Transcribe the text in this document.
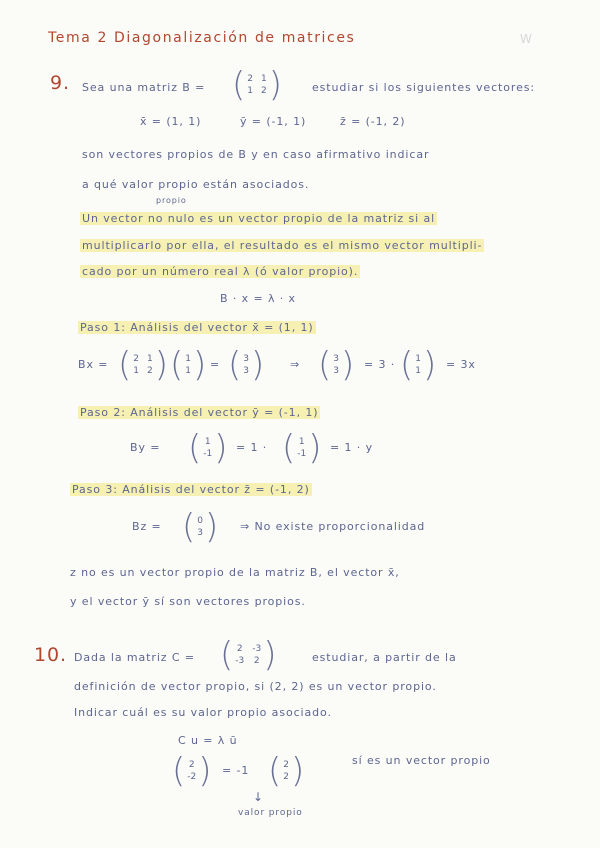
Tema 2 Diagonalización de matrices	W
9. Sea una matriz B = ( 2 1
1 2 )	estudiar si los siguientes vectores:
x̄ = (1, 1)	ȳ = (-1, 1)	z̄ = (-1, 2)
son vectores propios de B y en caso afirmativo indicar
a qué valor propio están asociados.
propio
Un vector no nulo es un vector propio de la matriz si al
multiplicarlo por ella, el resultado es el mismo vector multipli-
cado por un número real λ (ó valor propio).
B · x = λ · x
Paso 1: Análisis del vector x̄ = (1, 1)
Bx = ( 2 1
1 2 ) ( 1
1 ) = ( 3
3 ) ⇒ ( 3
3 ) = 3 · ( 1
1 ) = 3x
Paso 2: Análisis del vector ȳ = (-1, 1)
By = ( 1
-1 ) = 1 · ( 1
-1 ) = 1 · y
Paso 3: Análisis del vector z̄ = (-1, 2)
Bz = ( 0
3 ) ⇒ No existe proporcionalidad
z no es un vector propio de la matriz B, el vector x̄,
y el vector ȳ sí son vectores propios.
10. Dada la matriz C = ( 2 -3
-3 2 )	estudiar, a partir de la
definición de vector propio, si (2, 2) es un vector propio.
Indicar cuál es su valor propio asociado.
C u = λ ū
( 2
-2 ) = -1 ( 2
2 )	sí es un vector propio
↓
valor propio
